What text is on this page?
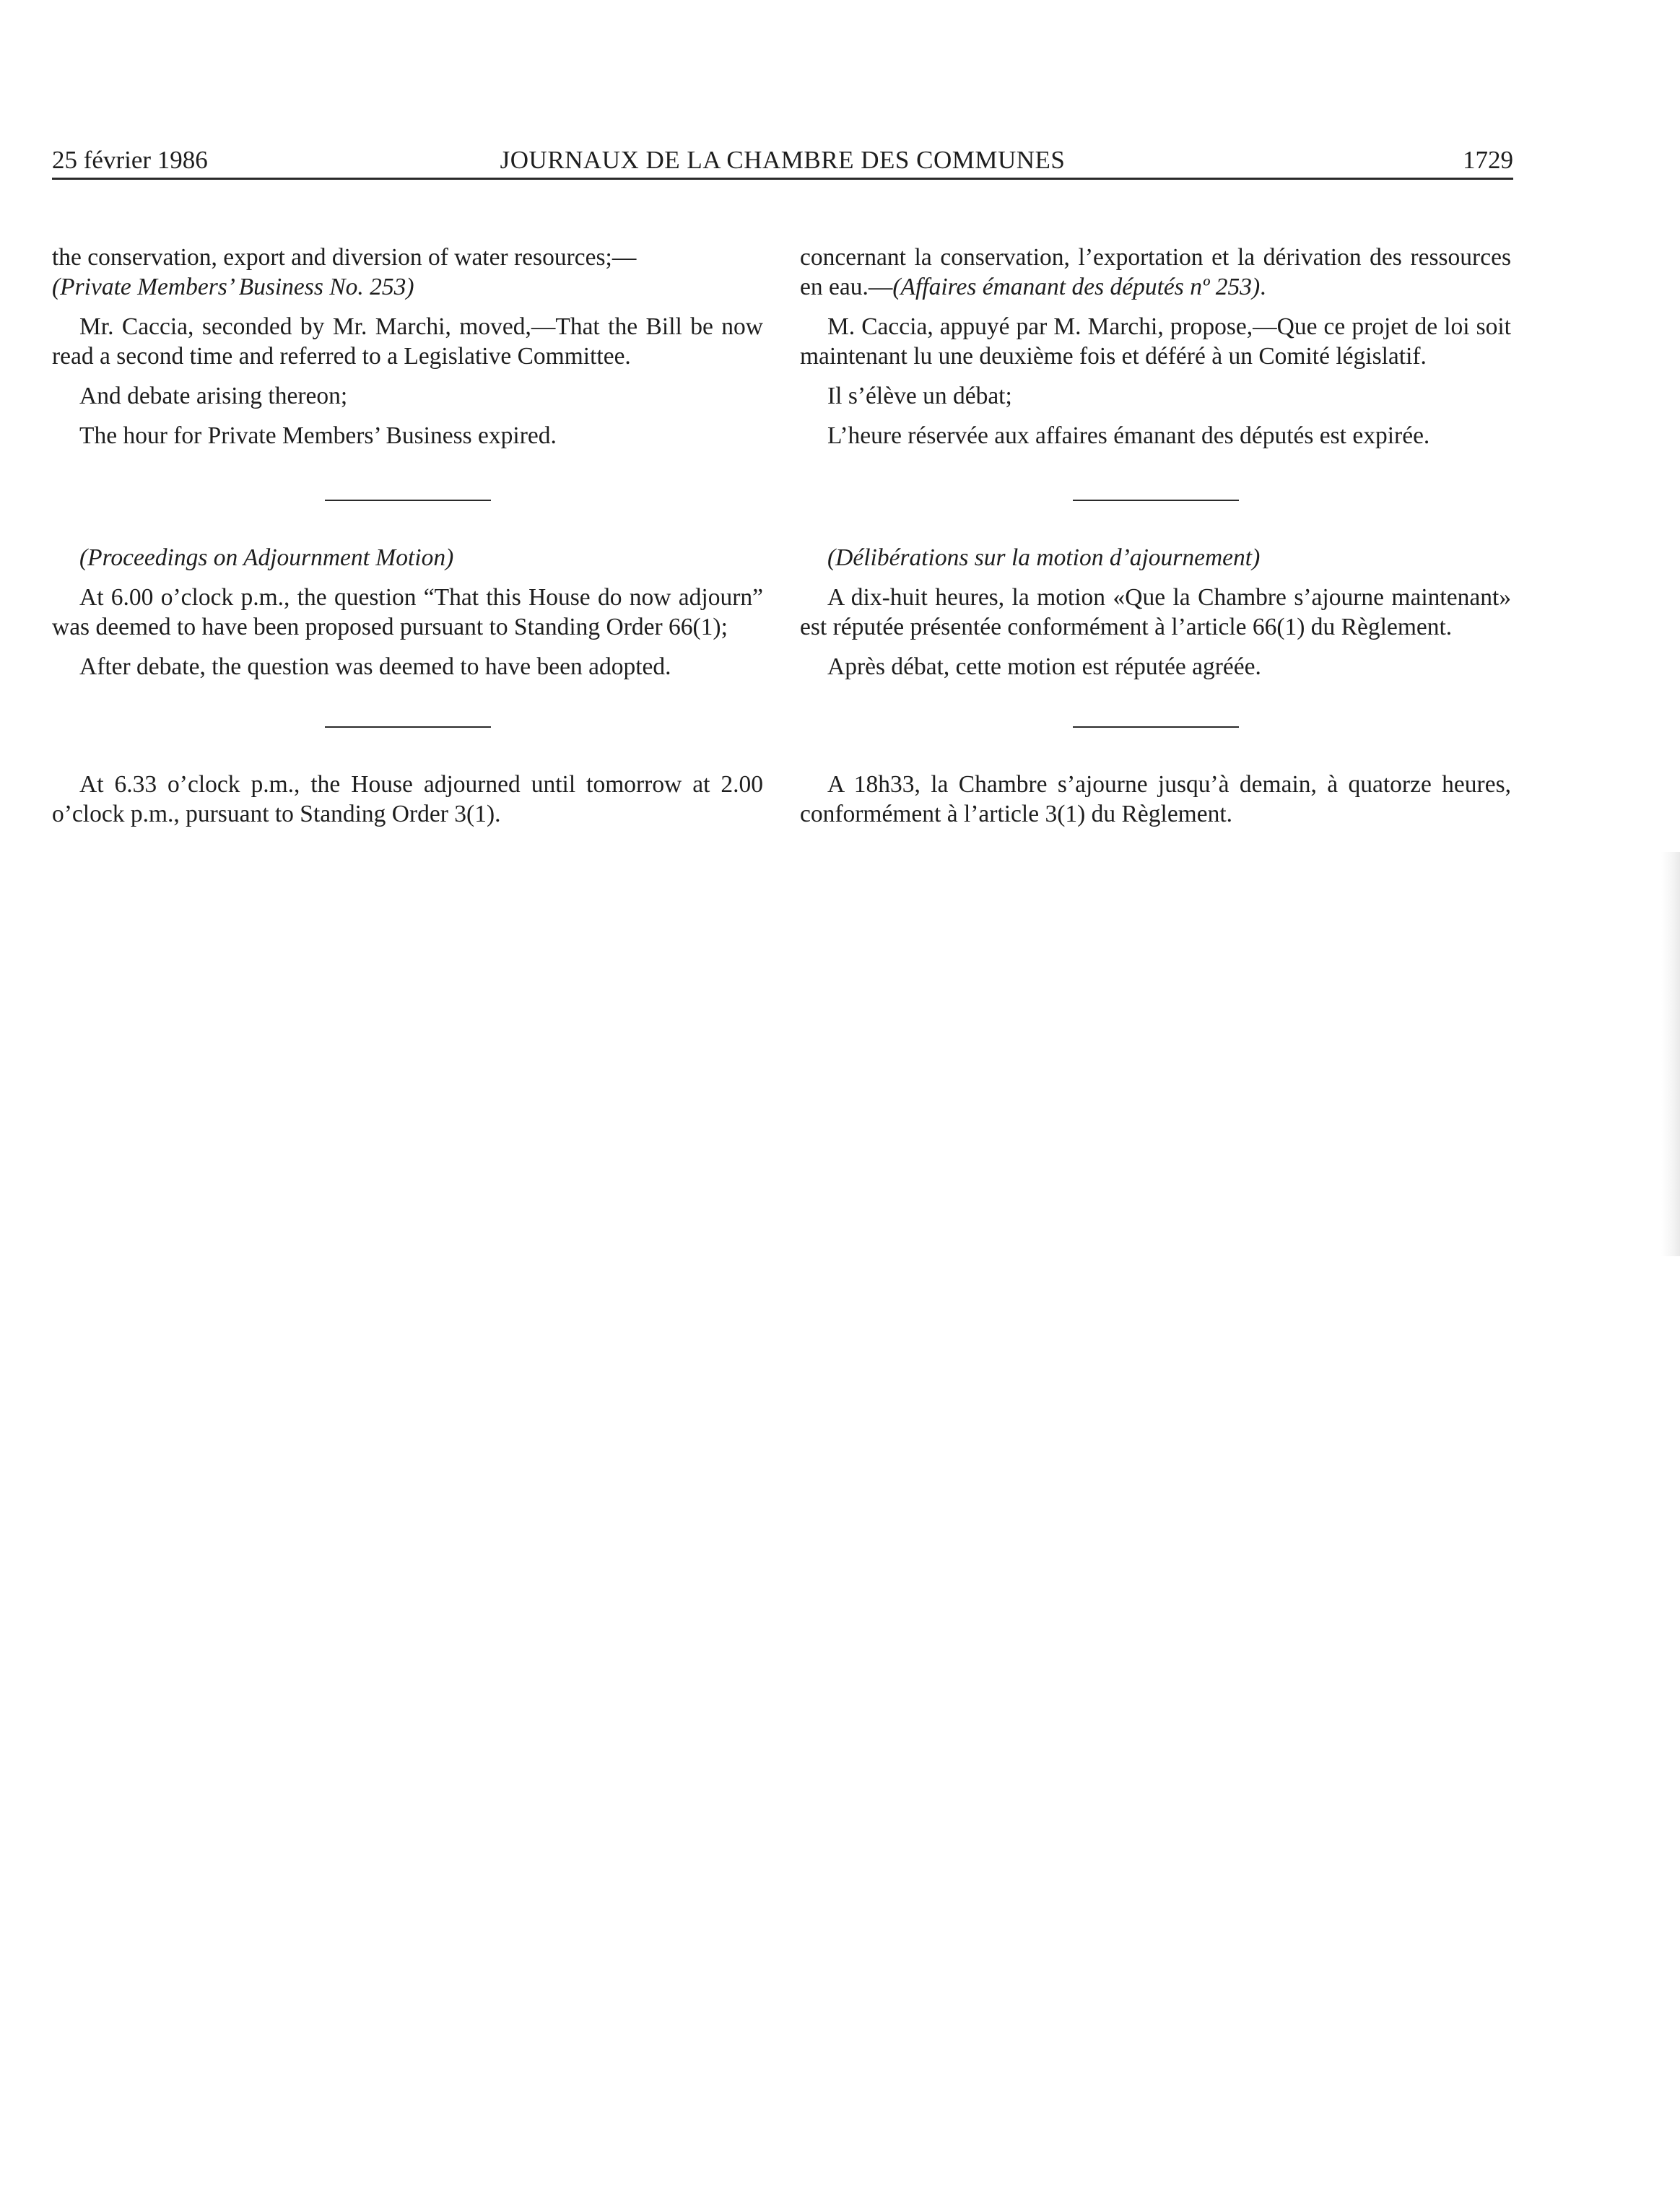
25 février 1986	JOURNAUX DE LA CHAMBRE DES COMMUNES	1729

the conservation, export and diversion of water resources;—
(Private Members’ Business No. 253)

Mr. Caccia, seconded by Mr. Marchi, moved,—That the Bill be now read a second time and referred to a Legislative Committee.

And debate arising thereon;

The hour for Private Members’ Business expired.

(Proceedings on Adjournment Motion)

At 6.00 o’clock p.m., the question “That this House do now adjourn” was deemed to have been proposed pursuant to Standing Order 66(1);

After debate, the question was deemed to have been adopted.

At 6.33 o’clock p.m., the House adjourned until tomorrow at 2.00 o’clock p.m., pursuant to Standing Order 3(1).

concernant la conservation, l’exportation et la dérivation des ressources en eau.—(Affaires émanant des députés nº 253).

M. Caccia, appuyé par M. Marchi, propose,—Que ce projet de loi soit maintenant lu une deuxième fois et déféré à un Comité législatif.

Il s’élève un débat;

L’heure réservée aux affaires émanant des députés est expirée.

(Délibérations sur la motion d’ajournement)

A dix-huit heures, la motion «Que la Chambre s’ajourne maintenant» est réputée présentée conformément à l’article 66(1) du Règlement.

Après débat, cette motion est réputée agréée.

A 18h33, la Chambre s’ajourne jusqu’à demain, à quatorze heures, conformément à l’article 3(1) du Règlement.
